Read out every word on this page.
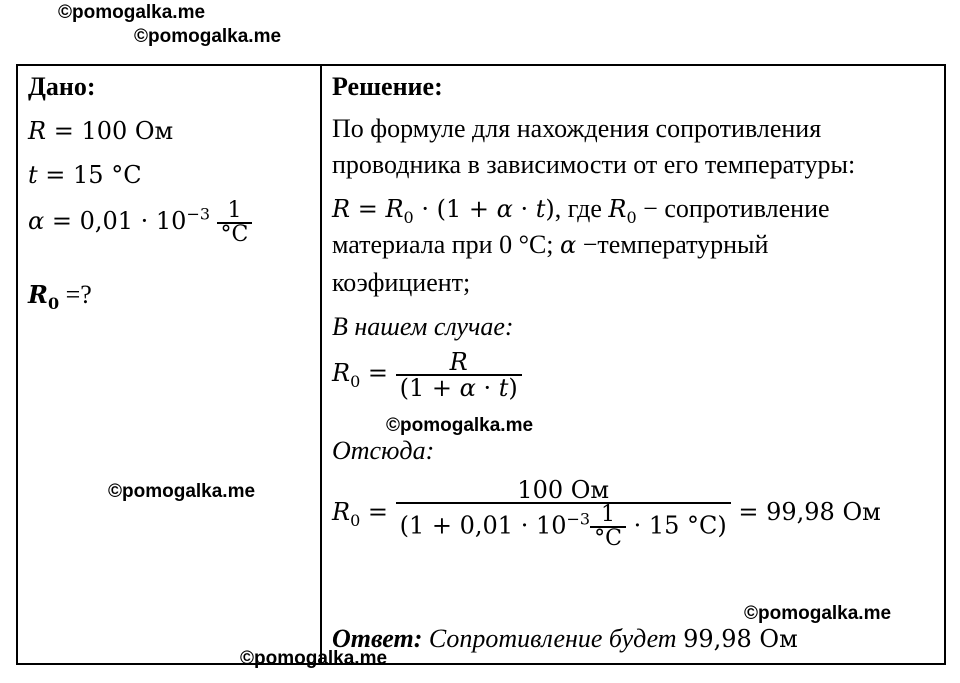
©pomogalka.me
©pomogalka.me
Дано:
R = 100 Ом
t = 15 °C
$\alpha = 0,01 \cdot 10^{-3} \frac{1}{^\circ C}$
$R_0$ =?
Решение:
По формуле для нахождения сопротивления
проводника в зависимости от его температуры:
$R = R_0 \cdot (1 + \alpha \cdot t)$, где $R_0$ − сопротивление
материала при 0 °C; α −температурный
коэфициент;
В нашем случае:
$R_0 = \frac{R}{(1 + \alpha \cdot t)}$
Отсюда:
$R_0 = \frac{100 Ом}{(1 + 0,01 \cdot 10^{-3} \frac{1}{^\circ C} \cdot 15 ^\circ C)} = 99,98$ Ом
Ответ: Сопротивление будет 99,98 Ом
©pomogalka.me
©pomogalka.me
©pomogalka.me
©pomogalka.me
